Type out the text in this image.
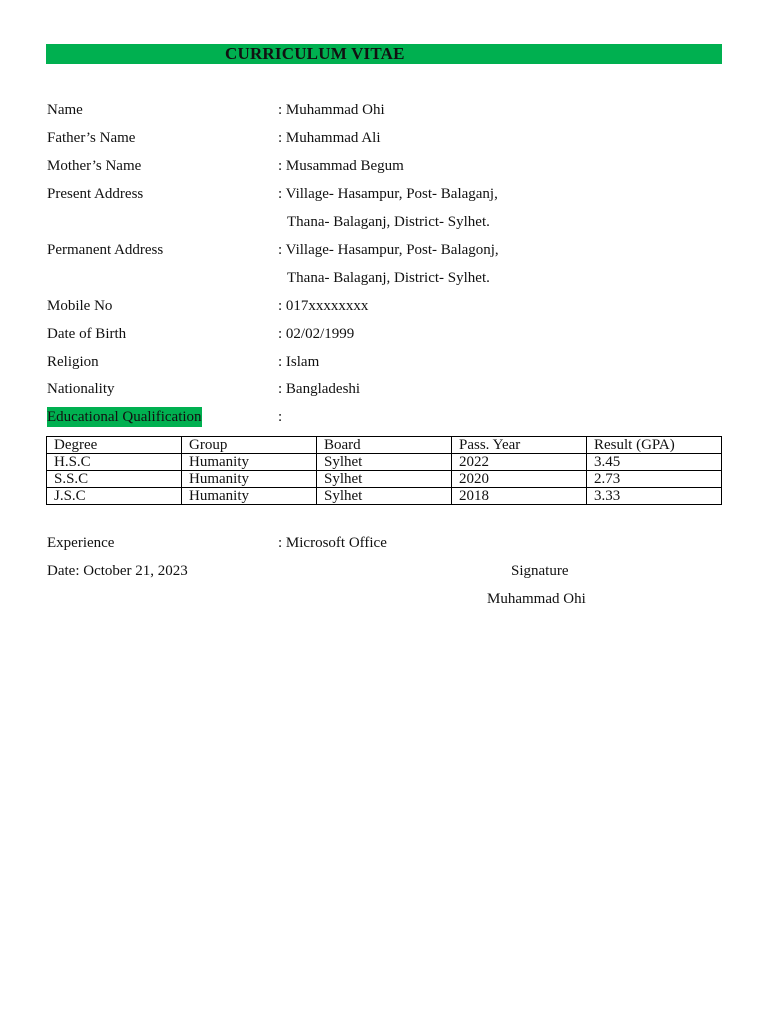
CURRICULUM VITAE
Name	: Muhammad Ohi
Father’s Name	: Muhammad Ali
Mother’s Name	: Musammad Begum
Present Address	: Village- Hasampur, Post- Balaganj,
Thana- Balaganj, District- Sylhet.
Permanent Address	: Village- Hasampur, Post- Balagonj,
Thana- Balaganj, District- Sylhet.
Mobile No	: 017xxxxxxxx
Date of Birth	: 02/02/1999
Religion	: Islam
Nationality	: Bangladeshi
Educational Qualification	:
Degree	Group	Board	Pass. Year	Result (GPA)
H.S.C	Humanity	Sylhet	2022	3.45
S.S.C	Humanity	Sylhet	2020	2.73
J.S.C	Humanity	Sylhet	2018	3.33
Experience	: Microsoft Office
Date: October 21, 2023	Signature
Muhammad Ohi
